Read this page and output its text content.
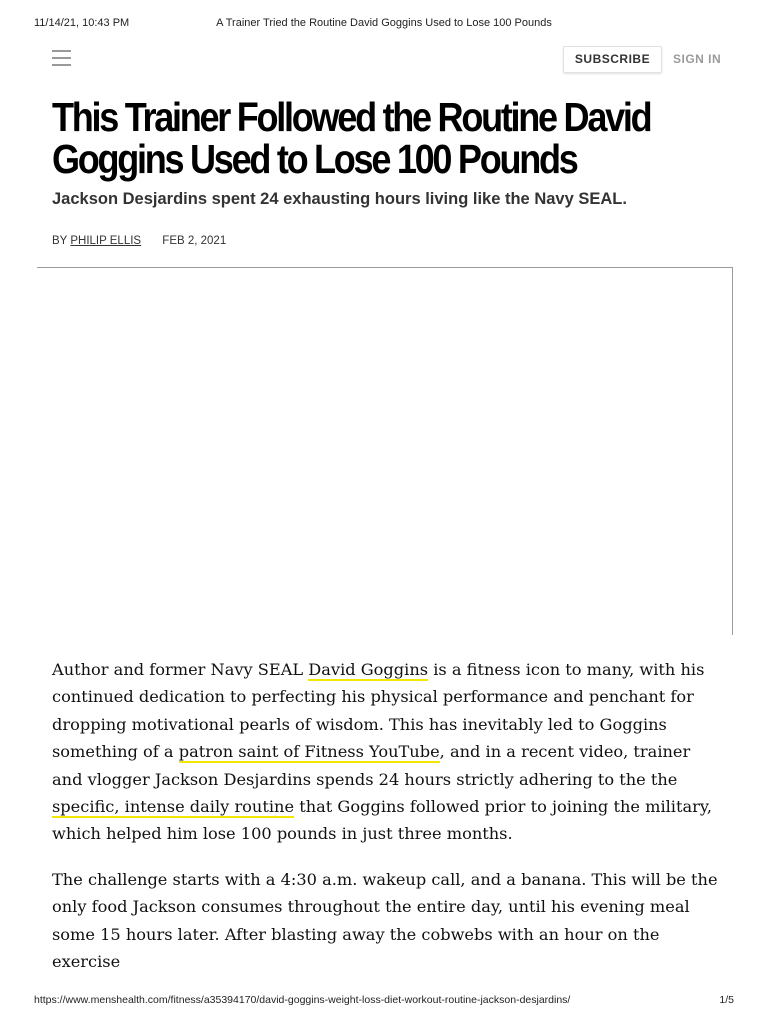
11/14/21, 10:43 PM	A Trainer Tried the Routine David Goggins Used to Lose 100 Pounds
SUBSCRIBE	SIGN IN
This Trainer Followed the Routine David Goggins Used to Lose 100 Pounds
Jackson Desjardins spent 24 exhausting hours living like the Navy SEAL.
BY PHILIP ELLIS FEB 2, 2021

Author and former Navy SEAL David Goggins is a fitness icon to many, with his continued dedication to perfecting his physical performance and penchant for dropping motivational pearls of wisdom. This has inevitably led to Goggins something of a patron saint of Fitness YouTube, and in a recent video, trainer and vlogger Jackson Desjardins spends 24 hours strictly adhering to the the specific, intense daily routine that Goggins followed prior to joining the military, which helped him lose 100 pounds in just three months.

The challenge starts with a 4:30 a.m. wakeup call, and a banana. This will be the only food Jackson consumes throughout the entire day, until his evening meal some 15 hours later. After blasting away the cobwebs with an hour on the exercise

https://www.menshealth.com/fitness/a35394170/david-goggins-weight-loss-diet-workout-routine-jackson-desjardins/	1/5
